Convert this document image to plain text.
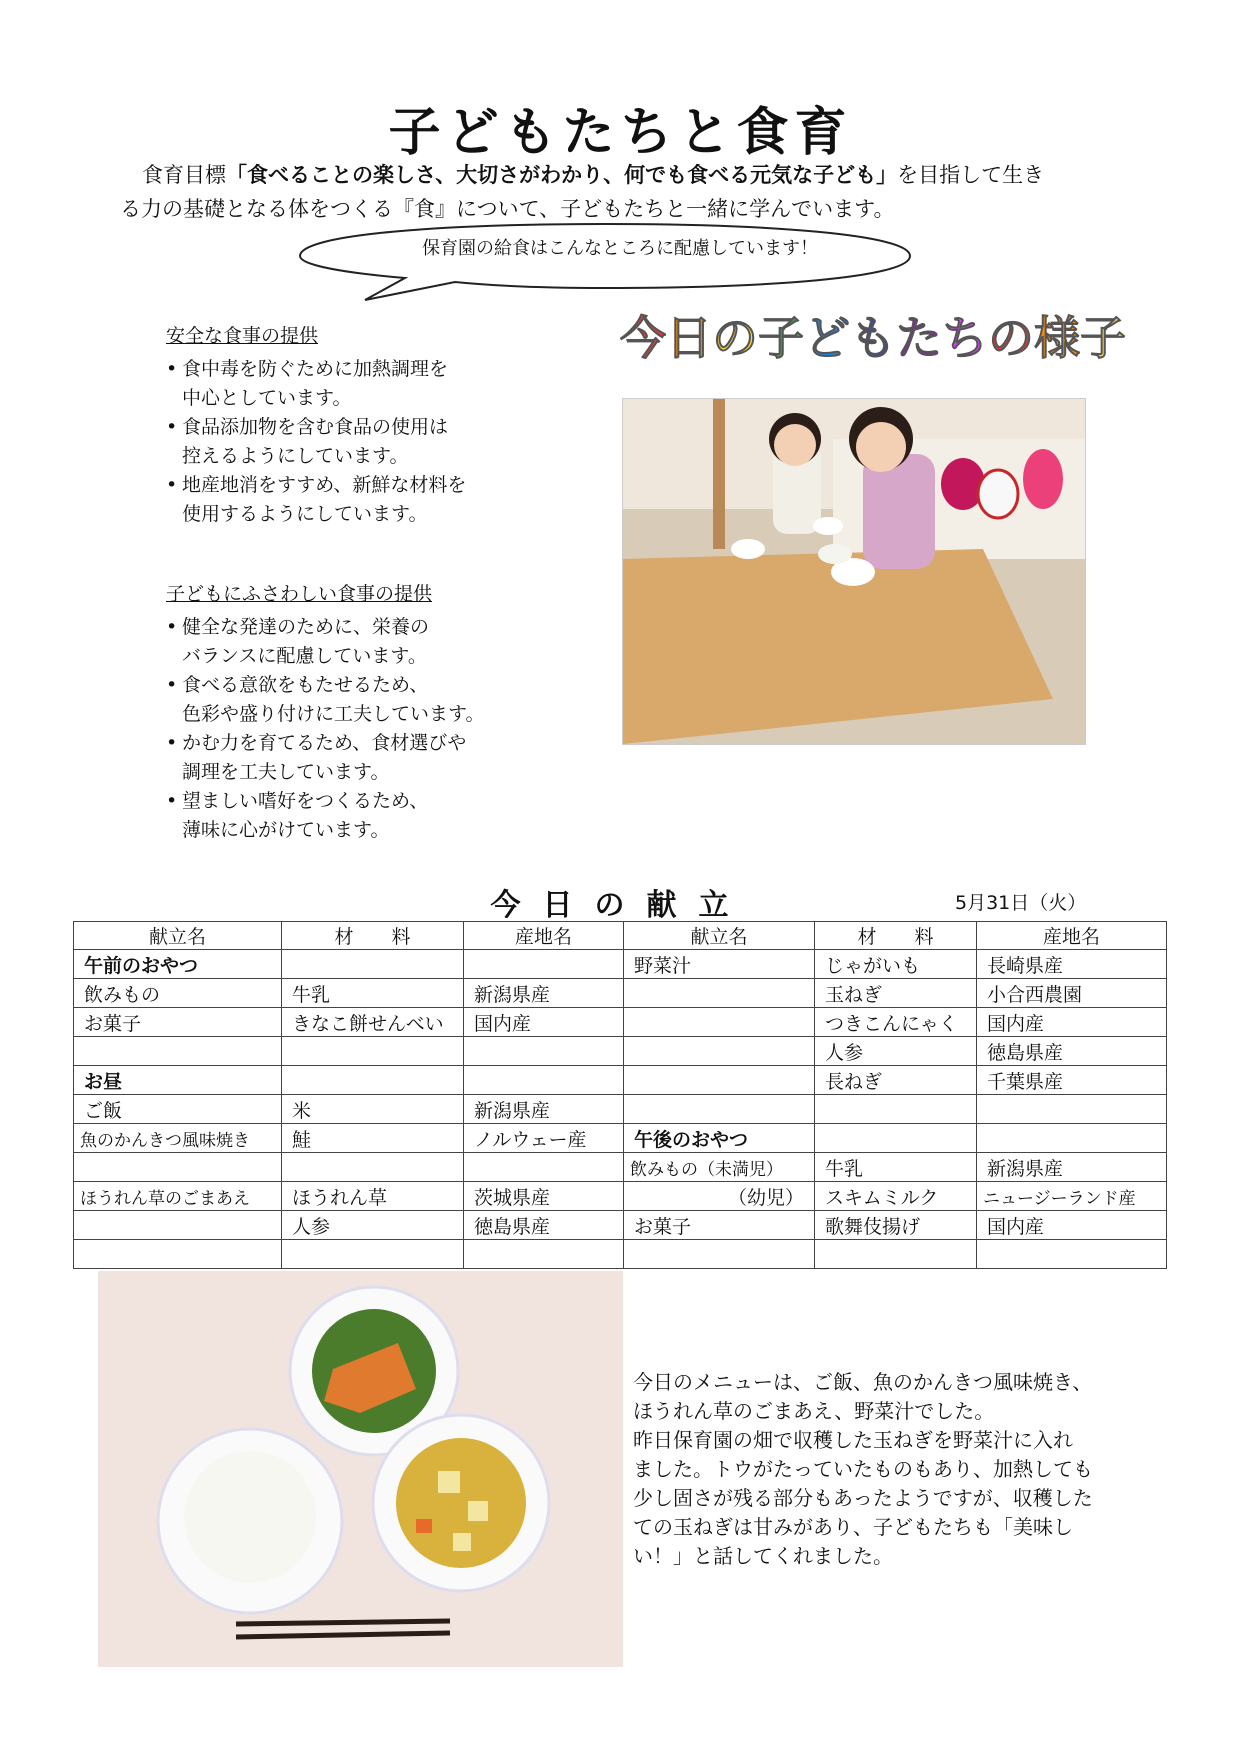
子どもたちと食育
食育目標「食べることの楽しさ、大切さがわかり、何でも食べる元気な子ども」を目指して生き
る力の基礎となる体をつくる『食』について、子どもたちと一緒に学んでいます。
保育園の給食はこんなところに配慮しています！
安全な食事の提供
• 食中毒を防ぐために加熱調理を
中心としています。
• 食品添加物を含む食品の使用は
控えるようにしています。
• 地産地消をすすめ、新鮮な材料を
使用するようにしています。
子どもにふさわしい食事の提供
• 健全な発達のために、栄養の
バランスに配慮しています。
• 食べる意欲をもたせるため、
色彩や盛り付けに工夫しています。
• かむ力を育てるため、食材選びや
調理を工夫しています。
• 望ましい嗜好をつくるため、
薄味に心がけています。
今日の子どもたちの様子
今日の献立	5月31日（火）
献立名	材　　料	産地名	献立名	材　　料	産地名
午前のおやつ			野菜汁	じゃがいも	長崎県産
飲みもの	牛乳	新潟県産		玉ねぎ	小合西農園
お菓子	きなこ餅せんべい	国内産		つきこんにゃく	国内産
				人参	徳島県産
お昼				長ねぎ	千葉県産
ご飯	米	新潟県産			
魚のかんきつ風味焼き	鮭	ノルウェー産	午後のおやつ		
			飲みもの（未満児）	牛乳	新潟県産
ほうれん草のごまあえ	ほうれん草	茨城県産	（幼児）	スキムミルク	ニュージーランド産
	人参	徳島県産	お菓子	歌舞伎揚げ	国内産

今日のメニューは、ご飯、魚のかんきつ風味焼き、
ほうれん草のごまあえ、野菜汁でした。
昨日保育園の畑で収穫した玉ねぎを野菜汁に入れ
ました。トウがたっていたものもあり、加熱しても
少し固さが残る部分もあったようですが、収穫した
ての玉ねぎは甘みがあり、子どもたちも「美味し
い！」と話してくれました。
